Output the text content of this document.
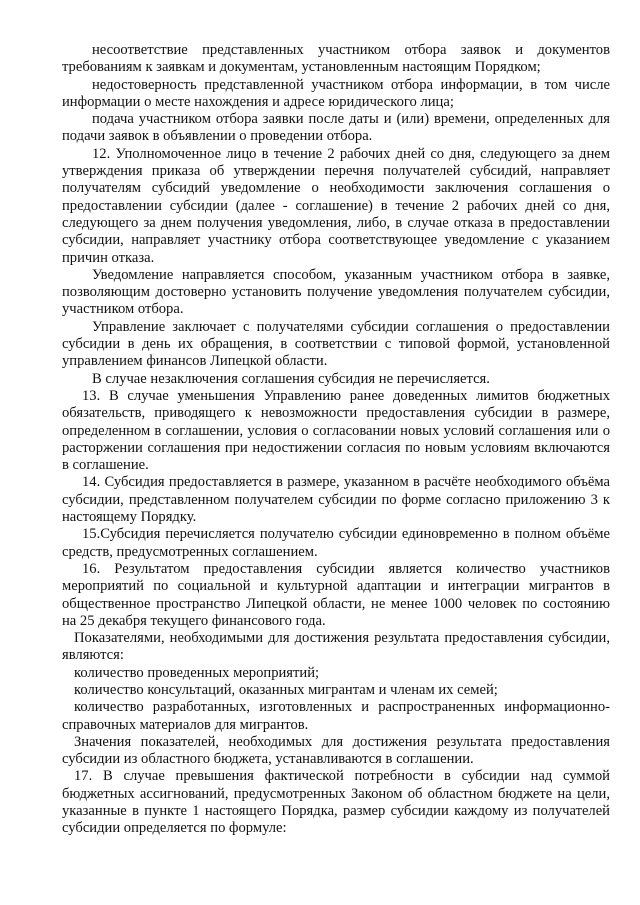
несоответствие представленных участником отбора заявок и документов требованиям к заявкам и документам, установленным настоящим Порядком;

недостоверность представленной участником отбора информации, в том числе информации о месте нахождения и адресе юридического лица;

подача участником отбора заявки после даты и (или) времени, определенных для подачи заявок в объявлении о проведении отбора.

12. Уполномоченное лицо в течение 2 рабочих дней со дня, следующего за днем утверждения приказа об утверждении перечня получателей субсидий, направляет получателям субсидий уведомление о необходимости заключения соглашения о предоставлении субсидии (далее - соглашение) в течение 2 рабочих дней со дня, следующего за днем получения уведомления, либо, в случае отказа в предоставлении субсидии, направляет участнику отбора соответствующее уведомление с указанием причин отказа.

Уведомление направляется способом, указанным участником отбора в заявке, позволяющим достоверно установить получение уведомления получателем субсидии, участником отбора.

Управление заключает с получателями субсидии соглашения о предоставлении субсидии в день их обращения, в соответствии с типовой формой, установленной управлением финансов Липецкой области.

В случае незаключения соглашения субсидия не перечисляется.

13. В случае уменьшения Управлению ранее доведенных лимитов бюджетных обязательств, приводящего к невозможности предоставления субсидии в размере, определенном в соглашении, условия о согласовании новых условий соглашения или о расторжении соглашения при недостижении согласия по новым условиям включаются в соглашение.

14. Субсидия предоставляется в размере, указанном в расчёте необходимого объёма субсидии, представленном получателем субсидии по форме согласно приложению 3 к настоящему Порядку.

15.Субсидия перечисляется получателю субсидии единовременно в полном объёме средств, предусмотренных соглашением.

16. Результатом предоставления субсидии является количество участников мероприятий по социальной и культурной адаптации и интеграции мигрантов в общественное пространство Липецкой области, не менее 1000 человек по состоянию на 25 декабря текущего финансового года.

Показателями, необходимыми для достижения результата предоставления субсидии, являются:

количество проведенных мероприятий;

количество консультаций, оказанных мигрантам и членам их семей;

количество разработанных, изготовленных и распространенных информационно-справочных материалов для мигрантов.

Значения показателей, необходимых для достижения результата предоставления субсидии из областного бюджета, устанавливаются в соглашении.

17. В случае превышения фактической потребности в субсидии над суммой бюджетных ассигнований, предусмотренных Законом об областном бюджете на цели, указанные в пункте 1 настоящего Порядка, размер субсидии каждому из получателей субсидии определяется по формуле:
